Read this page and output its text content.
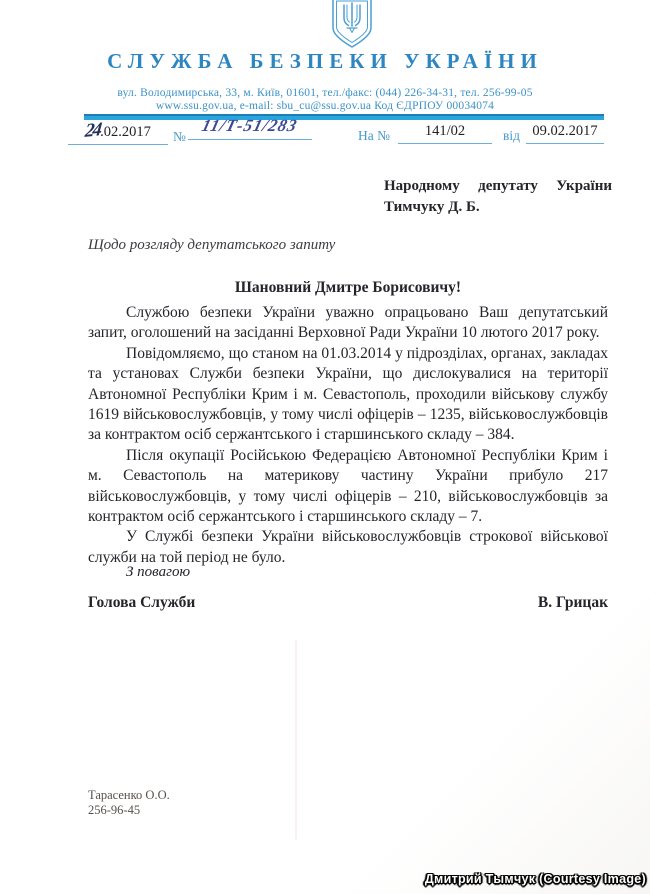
СЛУЖБА БЕЗПЕКИ УКРАЇНИ
вул. Володимирська, 33, м. Київ, 01601, тел./факс: (044) 226-34-31, тел. 256-99-05
www.ssu.gov.ua, e-mail: sbu_cu@ssu.gov.ua Код ЄДРПОУ 00034074
24.02.2017	№
11/Т-51/283
На №	141/02	від 09.02.2017
Народному депутату України
Тимчуку Д. Б.
Щодо розгляду депутатського запиту
Шановний Дмитре Борисовичу!

Службою безпеки України уважно опрацьовано Ваш депутатський запит, оголошений на засіданні Верховної Ради України 10 лютого 2017 року.

Повідомляємо, що станом на 01.03.2014 у підрозділах, органах, закладах та установах Служби безпеки України, що дислокувалися на території Автономної Республіки Крим і м. Севастополь, проходили військову службу 1619 військовослужбовців, у тому числі офіцерів – 1235, військовослужбовців за контрактом осіб сержантського і старшинського складу – 384.

Після окупації Російською Федерацією Автономної Республіки Крим і м. Севастополь на материкову частину України прибуло 217 військовослужбовців, у тому числі офіцерів – 210, військовослужбовців за контрактом осіб сержантського і старшинського складу – 7.

У Службі безпеки України військовослужбовців строкової військової служби на той період не було.

З повагою
Голова Служби	В. Грицак
Тарасенко О.О.
256-96-45
Дмитрий Тымчук (Courtesy Image)
